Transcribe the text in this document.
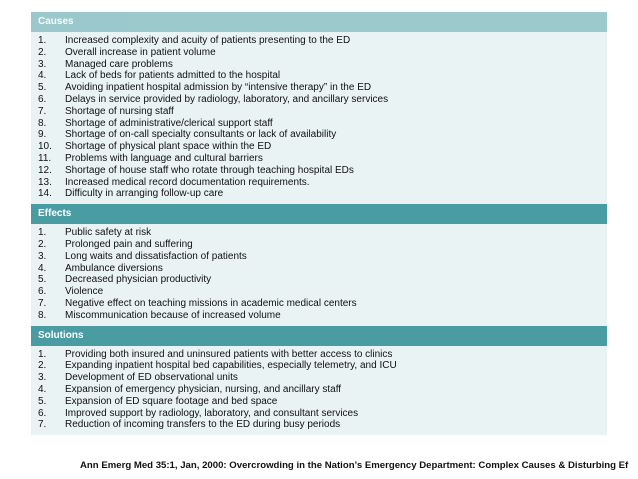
Causes
1.	Increased complexity and acuity of patients presenting to the ED
2.	Overall increase in patient volume
3.	Managed care problems
4.	Lack of beds for patients admitted to the hospital
5.	Avoiding inpatient hospital admission by “intensive therapy” in the ED
6.	Delays in service provided by radiology, laboratory, and ancillary services
7.	Shortage of nursing staff
8.	Shortage of administrative/clerical support staff
9.	Shortage of on-call specialty consultants or lack of availability
10.	Shortage of physical plant space within the ED
11.	Problems with language and cultural barriers
12.	Shortage of house staff who rotate through teaching hospital EDs
13.	Increased medical record documentation requirements.
14.	Difficulty in arranging follow-up care
Effects
1.	Public safety at risk
2.	Prolonged pain and suffering
3.	Long waits and dissatisfaction of patients
4.	Ambulance diversions
5.	Decreased physician productivity
6.	Violence
7.	Negative effect on teaching missions in academic medical centers
8.	Miscommunication because of increased volume
Solutions
1.	Providing both insured and uninsured patients with better access to clinics
2.	Expanding inpatient hospital bed capabilities, especially telemetry, and ICU
3.	Development of ED observational units
4.	Expansion of emergency physician, nursing, and ancillary staff
5.	Expansion of ED square footage and bed space
6.	Improved support by radiology, laboratory, and consultant services
7.	Reduction of incoming transfers to the ED during busy periods
Ann Emerg Med 35:1, Jan, 2000: Overcrowding in the Nation’s Emergency Department: Complex Causes & Disturbing Ef
